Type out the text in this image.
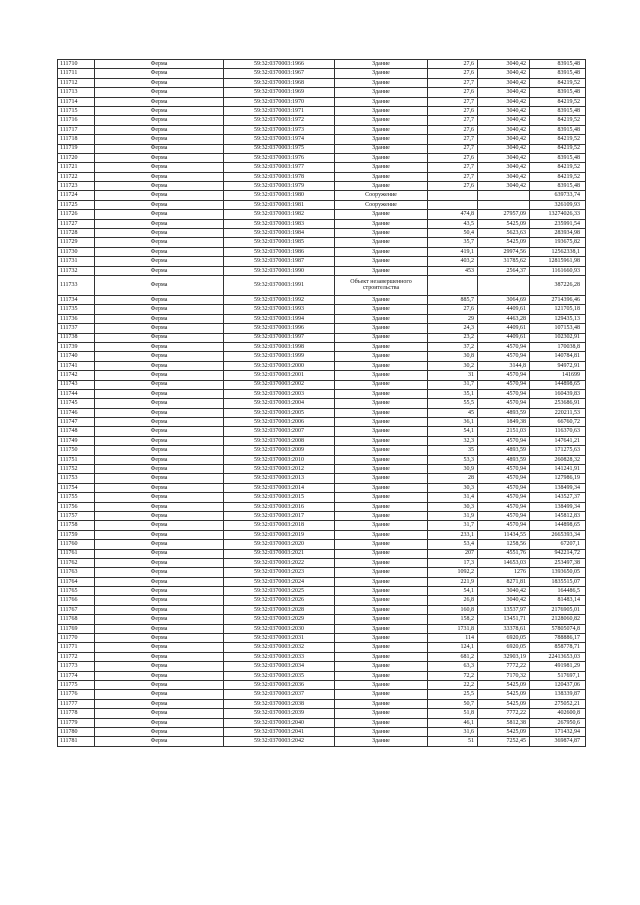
111710	Ферма	59:32:0370003:1966	Здание	27,6	3040,42	83915,48
111711	Ферма	59:32:0370003:1967	Здание	27,6	3040,42	83915,48
111712	Ферма	59:32:0370003:1968	Здание	27,7	3040,42	84219,52
111713	Ферма	59:32:0370003:1969	Здание	27,6	3040,42	83915,48
111714	Ферма	59:32:0370003:1970	Здание	27,7	3040,42	84219,52
111715	Ферма	59:32:0370003:1971	Здание	27,6	3040,42	83915,48
111716	Ферма	59:32:0370003:1972	Здание	27,7	3040,42	84219,52
111717	Ферма	59:32:0370003:1973	Здание	27,6	3040,42	83915,48
111718	Ферма	59:32:0370003:1974	Здание	27,7	3040,42	84219,52
111719	Ферма	59:32:0370003:1975	Здание	27,7	3040,42	84219,52
111720	Ферма	59:32:0370003:1976	Здание	27,6	3040,42	83915,48
111721	Ферма	59:32:0370003:1977	Здание	27,7	3040,42	84219,52
111722	Ферма	59:32:0370003:1978	Здание	27,7	3040,42	84219,52
111723	Ферма	59:32:0370003:1979	Здание	27,6	3040,42	83915,48
111724	Ферма	59:32:0370003:1980	Сооружение			639733,74
111725	Ферма	59:32:0370003:1981	Сооружение			326109,93
111726	Ферма	59:32:0370003:1982	Здание	474,8	27957,09	13274026,33
111727	Ферма	59:32:0370003:1983	Здание	43,5	5425,09	235991,54
111728	Ферма	59:32:0370003:1984	Здание	50,4	5623,63	283934,98
111729	Ферма	59:32:0370003:1985	Здание	35,7	5425,09	193675,82
111730	Ферма	59:32:0370003:1986	Здание	419,1	29974,56	12562338,1
111731	Ферма	59:32:0370003:1987	Здание	403,2	31785,62	12815961,98
111732	Ферма	59:32:0370003:1990	Здание	453	2564,37	1161660,93
111733	Ферма	59:32:0370003:1991	Объект незавершенного строительства			387226,28
111734	Ферма	59:32:0370003:1992	Здание	885,7	3064,69	2714396,46
111735	Ферма	59:32:0370003:1993	Здание	27,6	4409,61	121705,18
111736	Ферма	59:32:0370003:1994	Здание	29	4463,28	129435,13
111737	Ферма	59:32:0370003:1996	Здание	24,3	4409,61	107153,48
111738	Ферма	59:32:0370003:1997	Здание	23,2	4409,61	102302,91
111739	Ферма	59:32:0370003:1998	Здание	37,2	4570,94	170038,8
111740	Ферма	59:32:0370003:1999	Здание	30,8	4570,94	140784,81
111741	Ферма	59:32:0370003:2000	Здание	30,2	3144,8	94972,91
111742	Ферма	59:32:0370003:2001	Здание	31	4570,94	141699
111743	Ферма	59:32:0370003:2002	Здание	31,7	4570,94	144898,65
111744	Ферма	59:32:0370003:2003	Здание	35,1	4570,94	160439,83
111745	Ферма	59:32:0370003:2004	Здание	55,5	4570,94	253686,91
111746	Ферма	59:32:0370003:2005	Здание	45	4893,59	220211,53
111747	Ферма	59:32:0370003:2006	Здание	36,1	1849,38	66760,72
111748	Ферма	59:32:0370003:2007	Здание	54,1	2151,03	116370,63
111749	Ферма	59:32:0370003:2008	Здание	32,3	4570,94	147641,21
111750	Ферма	59:32:0370003:2009	Здание	35	4893,59	171275,63
111751	Ферма	59:32:0370003:2010	Здание	53,3	4893,59	260828,32
111752	Ферма	59:32:0370003:2012	Здание	30,9	4570,94	141241,91
111753	Ферма	59:32:0370003:2013	Здание	28	4570,94	127986,19
111754	Ферма	59:32:0370003:2014	Здание	30,3	4570,94	138499,34
111755	Ферма	59:32:0370003:2015	Здание	31,4	4570,94	143527,37
111756	Ферма	59:32:0370003:2016	Здание	30,3	4570,94	138499,34
111757	Ферма	59:32:0370003:2017	Здание	31,9	4570,94	145812,83
111758	Ферма	59:32:0370003:2018	Здание	31,7	4570,94	144898,65
111759	Ферма	59:32:0370003:2019	Здание	233,1	11434,55	2665393,34
111760	Ферма	59:32:0370003:2020	Здание	53,4	1258,56	67207,1
111761	Ферма	59:32:0370003:2021	Здание	207	4551,76	942214,72
111762	Ферма	59:32:0370003:2022	Здание	17,3	14653,03	253497,38
111763	Ферма	59:32:0370003:2023	Здание	1092,2	1276	1393650,05
111764	Ферма	59:32:0370003:2024	Здание	221,9	8271,81	1835515,07
111765	Ферма	59:32:0370003:2025	Здание	54,1	3040,42	164486,5
111766	Ферма	59:32:0370003:2026	Здание	26,8	3040,42	81483,14
111767	Ферма	59:32:0370003:2028	Здание	160,8	13537,97	2176905,01
111768	Ферма	59:32:0370003:2029	Здание	158,2	13451,71	2128060,82
111769	Ферма	59:32:0370003:2030	Здание	1731,8	33378,61	57805074,8
111770	Ферма	59:32:0370003:2031	Здание	114	6920,05	788886,17
111771	Ферма	59:32:0370003:2032	Здание	124,1	6920,05	858778,71
111772	Ферма	59:32:0370003:2033	Здание	681,2	32903,19	22413653,03
111773	Ферма	59:32:0370003:2034	Здание	63,3	7772,22	491981,29
111774	Ферма	59:32:0370003:2035	Здание	72,2	7170,32	517697,1
111775	Ферма	59:32:0370003:2036	Здание	22,2	5425,09	120437,06
111776	Ферма	59:32:0370003:2037	Здание	25,5	5425,09	138339,87
111777	Ферма	59:32:0370003:2038	Здание	50,7	5425,09	275052,21
111778	Ферма	59:32:0370003:2039	Здание	51,8	7772,22	402600,8
111779	Ферма	59:32:0370003:2040	Здание	46,1	5812,38	267950,6
111780	Ферма	59:32:0370003:2041	Здание	31,6	5425,09	171432,94
111781	Ферма	59:32:0370003:2042	Здание	51	7252,45	369874,87
